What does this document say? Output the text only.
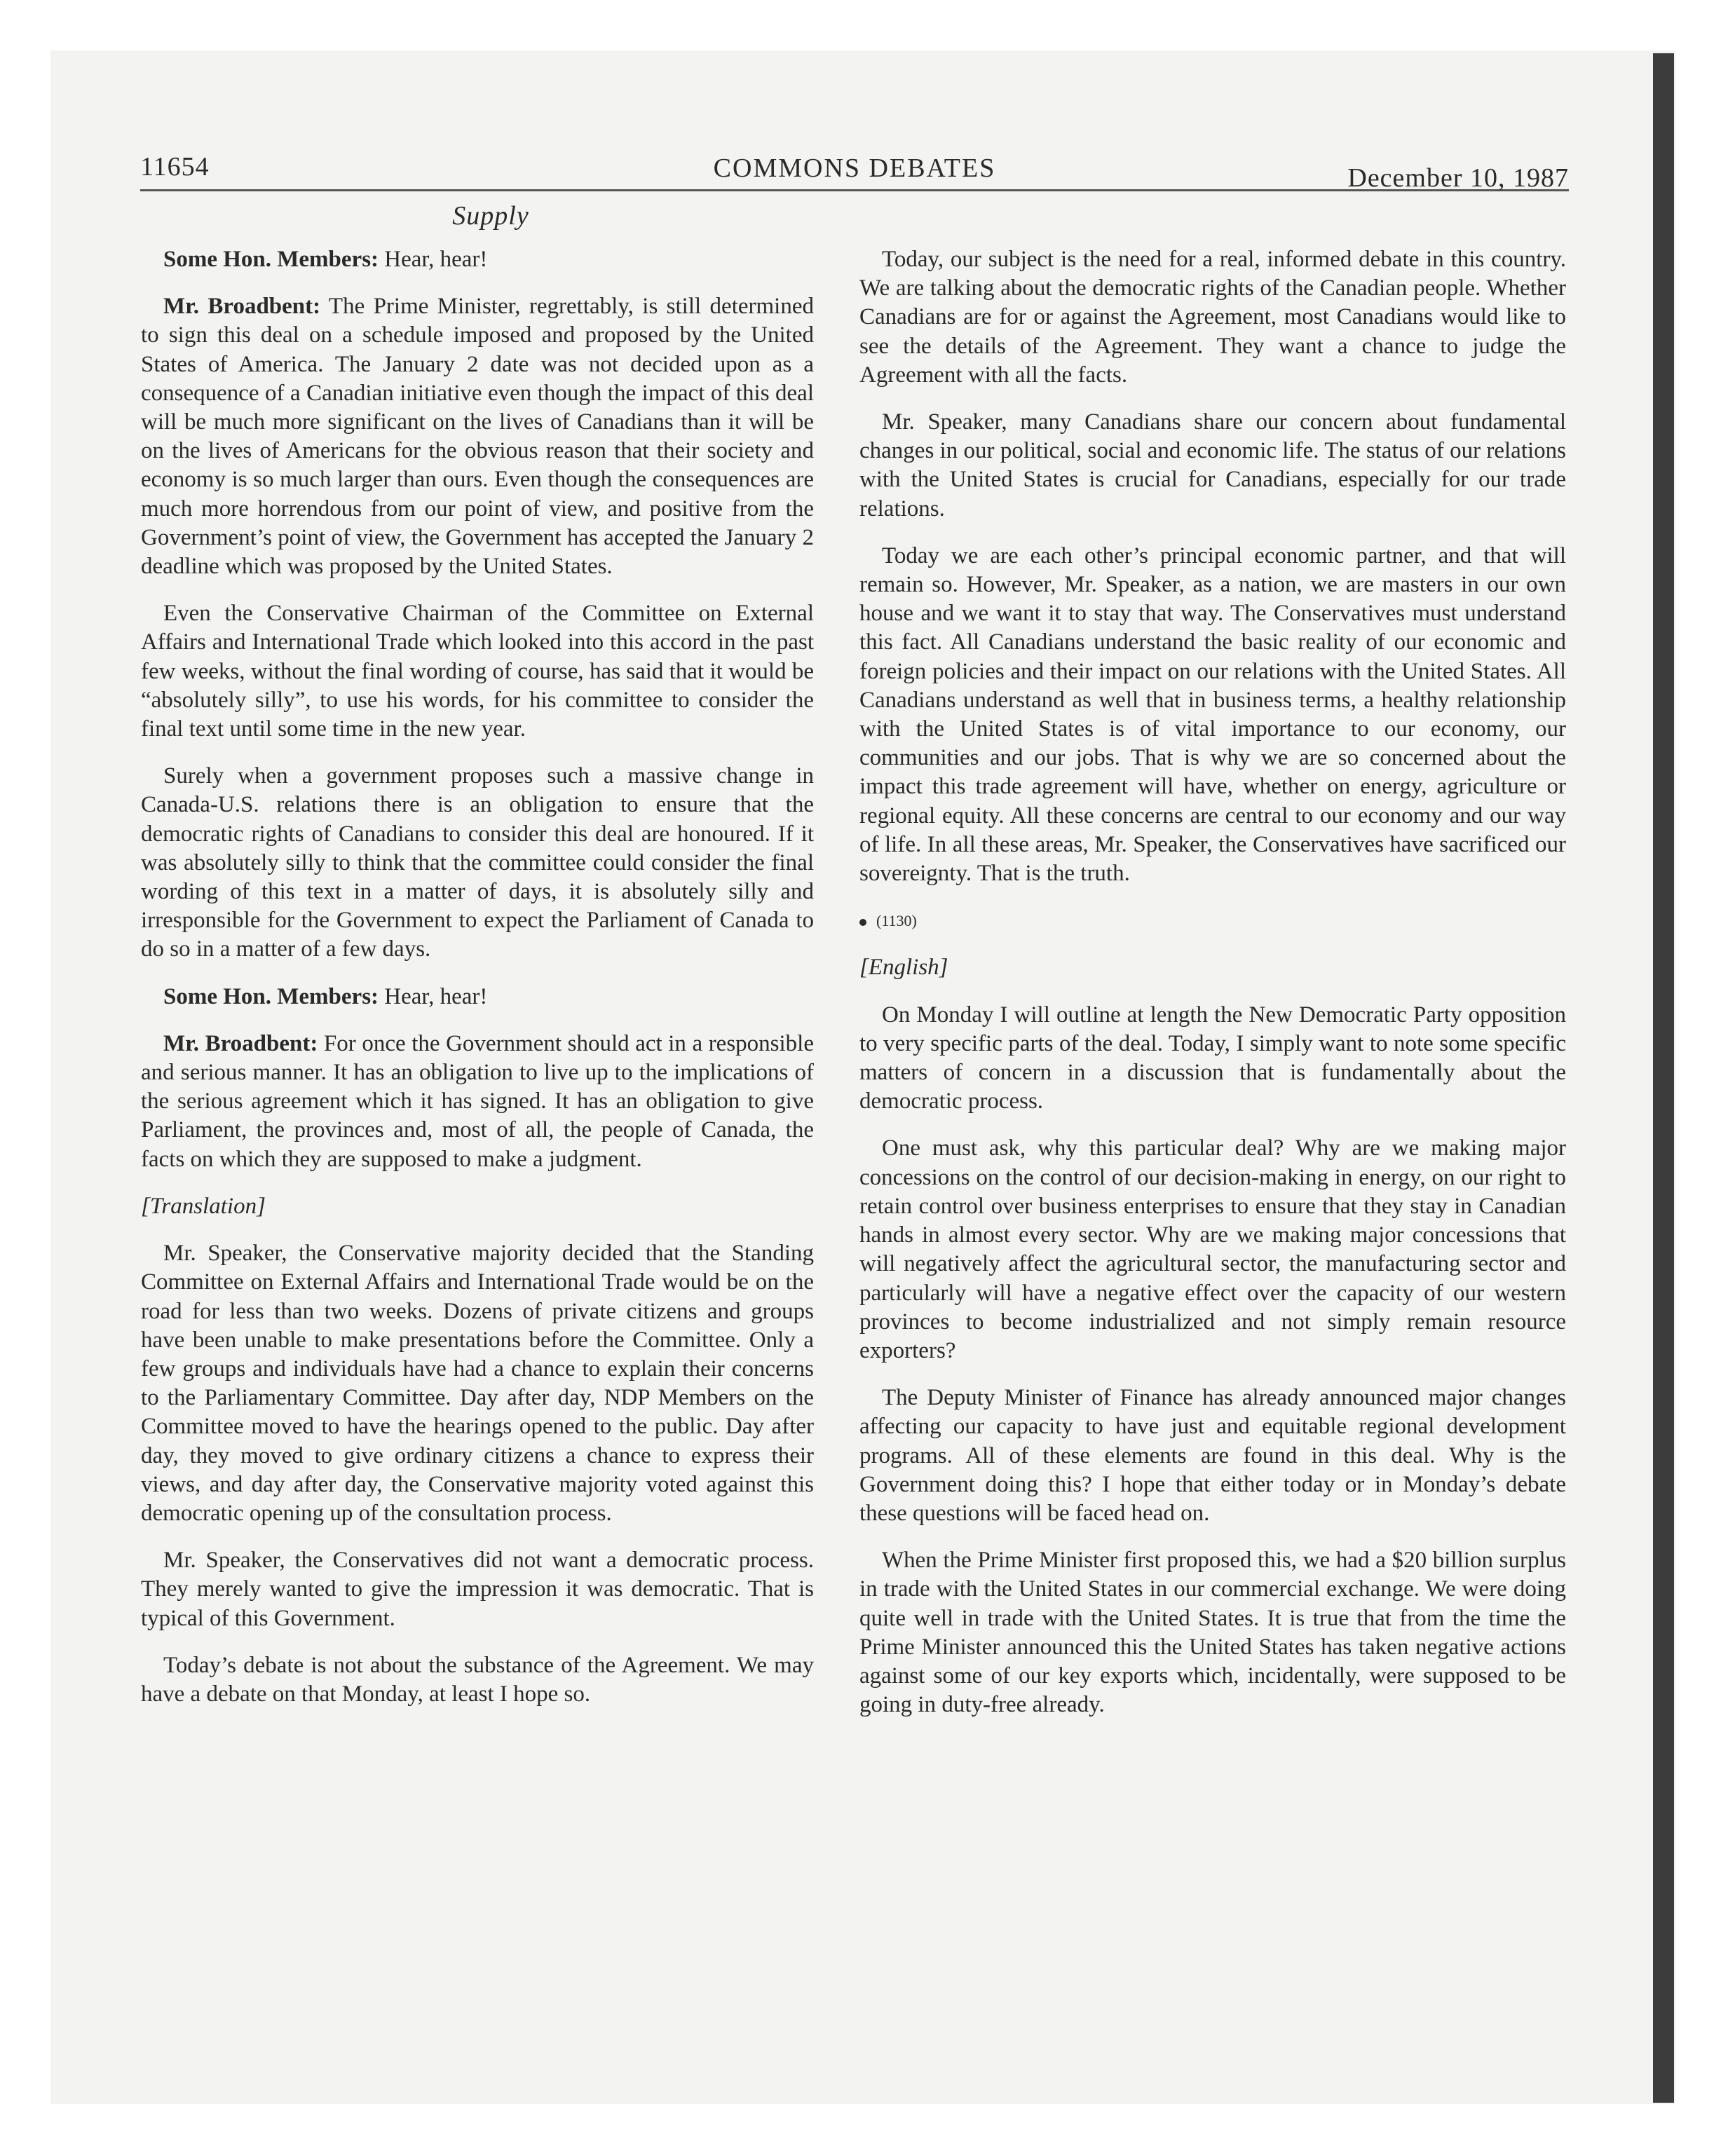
11654	COMMONS DEBATES	December 10, 1987
Supply

Some Hon. Members: Hear, hear!

Mr. Broadbent: The Prime Minister, regrettably, is still determined to sign this deal on a schedule imposed and proposed by the United States of America. The January 2 date was not decided upon as a consequence of a Canadian initiative even though the impact of this deal will be much more significant on the lives of Canadians than it will be on the lives of Americans for the obvious reason that their society and economy is so much larger than ours. Even though the consequences are much more horrendous from our point of view, and positive from the Government’s point of view, the Government has accepted the January 2 deadline which was proposed by the United States.

Even the Conservative Chairman of the Committee on External Affairs and International Trade which looked into this accord in the past few weeks, without the final wording of course, has said that it would be “absolutely silly”, to use his words, for his committee to consider the final text until some time in the new year.

Surely when a government proposes such a massive change in Canada-U.S. relations there is an obligation to ensure that the democratic rights of Canadians to consider this deal are honoured. If it was absolutely silly to think that the committee could consider the final wording of this text in a matter of days, it is absolutely silly and irresponsible for the Government to expect the Parliament of Canada to do so in a matter of a few days.

Some Hon. Members: Hear, hear!

Mr. Broadbent: For once the Government should act in a responsible and serious manner. It has an obligation to live up to the implications of the serious agreement which it has signed. It has an obligation to give Parliament, the provinces and, most of all, the people of Canada, the facts on which they are supposed to make a judgment.

[Translation]

Mr. Speaker, the Conservative majority decided that the Standing Committee on External Affairs and International Trade would be on the road for less than two weeks. Dozens of private citizens and groups have been unable to make presentations before the Committee. Only a few groups and individuals have had a chance to explain their concerns to the Parliamentary Committee. Day after day, NDP Members on the Committee moved to have the hearings opened to the public. Day after day, they moved to give ordinary citizens a chance to express their views, and day after day, the Conservative majority voted against this democratic opening up of the consultation process.

Mr. Speaker, the Conservatives did not want a democratic process. They merely wanted to give the impression it was democratic. That is typical of this Government.

Today’s debate is not about the substance of the Agreement. We may have a debate on that Monday, at least I hope so.

Today, our subject is the need for a real, informed debate in this country. We are talking about the democratic rights of the Canadian people. Whether Canadians are for or against the Agreement, most Canadians would like to see the details of the Agreement. They want a chance to judge the Agreement with all the facts.

Mr. Speaker, many Canadians share our concern about fundamental changes in our political, social and economic life. The status of our relations with the United States is crucial for Canadians, especially for our trade relations.

Today we are each other’s principal economic partner, and that will remain so. However, Mr. Speaker, as a nation, we are masters in our own house and we want it to stay that way. The Conservatives must understand this fact. All Canadians understand the basic reality of our economic and foreign policies and their impact on our relations with the United States. All Canadians understand as well that in business terms, a healthy relationship with the United States is of vital importance to our economy, our communities and our jobs. That is why we are so concerned about the impact this trade agreement will have, whether on energy, agriculture or regional equity. All these concerns are central to our economy and our way of life. In all these areas, Mr. Speaker, the Conservatives have sacrificed our sovereignty. That is the truth.

(1130)

[English]

On Monday I will outline at length the New Democratic Party opposition to very specific parts of the deal. Today, I simply want to note some specific matters of concern in a discussion that is fundamentally about the democratic process.

One must ask, why this particular deal? Why are we making major concessions on the control of our decision-making in energy, on our right to retain control over business enterprises to ensure that they stay in Canadian hands in almost every sector. Why are we making major concessions that will negatively affect the agricultural sector, the manufacturing sector and particularly will have a negative effect over the capacity of our western provinces to become industrialized and not simply remain resource exporters?

The Deputy Minister of Finance has already announced major changes affecting our capacity to have just and equitable regional development programs. All of these elements are found in this deal. Why is the Government doing this? I hope that either today or in Monday’s debate these questions will be faced head on.

When the Prime Minister first proposed this, we had a $20 billion surplus in trade with the United States in our commercial exchange. We were doing quite well in trade with the United States. It is true that from the time the Prime Minister announced this the United States has taken negative actions against some of our key exports which, incidentally, were supposed to be going in duty-free already.
